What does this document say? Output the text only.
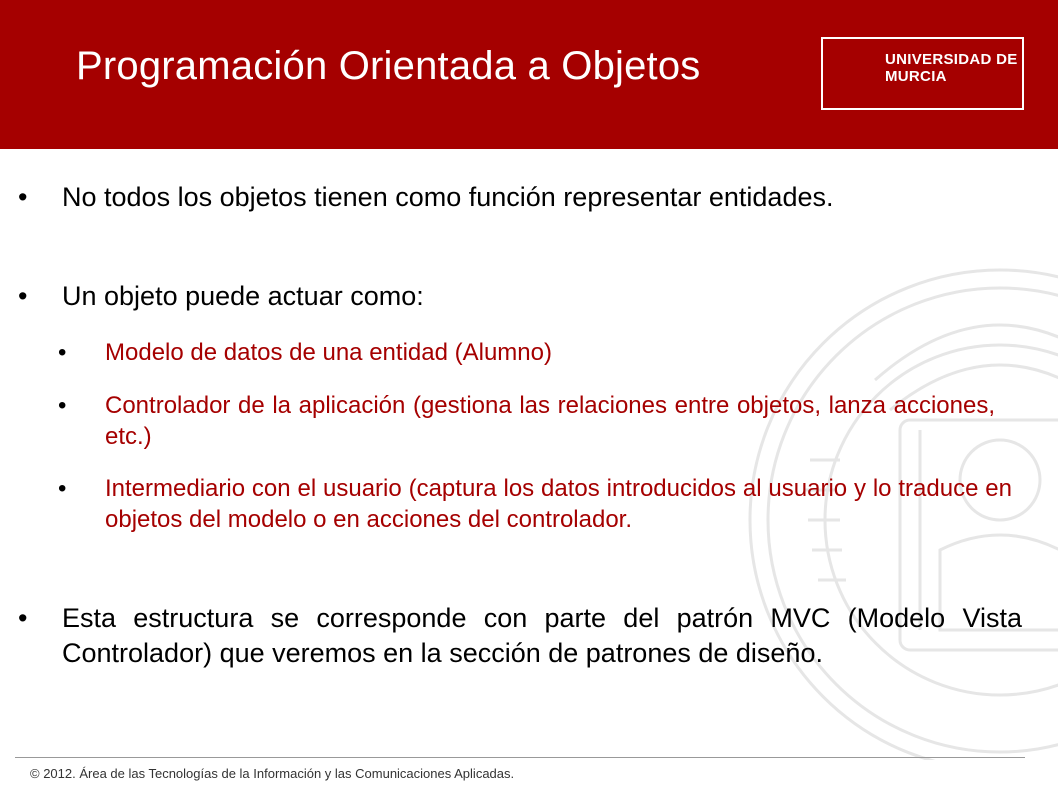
Programación Orientada a Objetos	UNIVERSIDAD DE
MURCIA
• No todos los objetos tienen como función representar entidades.
• Un objeto puede actuar como:
• Modelo de datos de una entidad (Alumno)
• Controlador de la aplicación (gestiona las relaciones entre objetos, lanza acciones, etc.)
• Intermediario con el usuario (captura los datos introducidos al usuario y lo traduce en objetos del modelo o en acciones del controlador.
• Esta estructura se corresponde con parte del patrón MVC (Modelo Vista Controlador) que veremos en la sección de patrones de diseño.
© 2012. Área de las Tecnologías de la Información y las Comunicaciones Aplicadas.
